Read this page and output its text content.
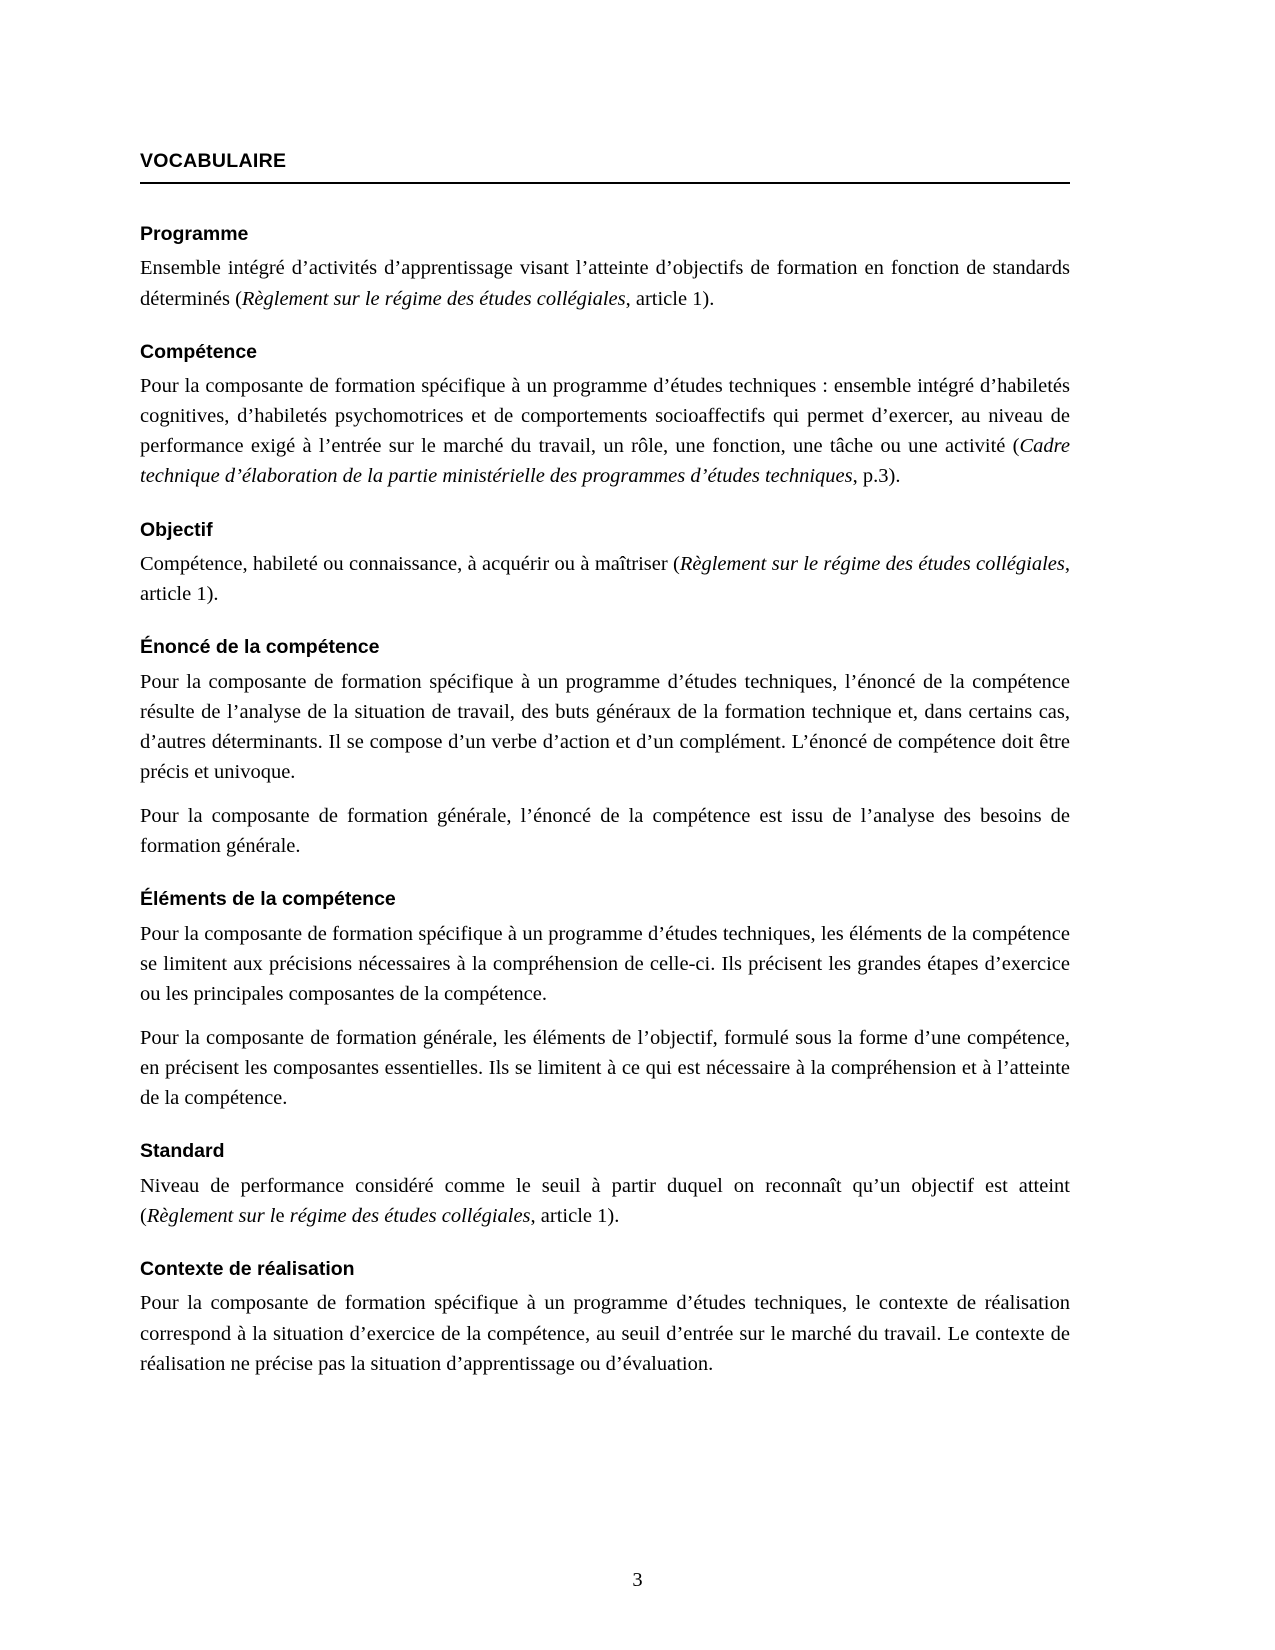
VOCABULAIRE
Programme

Ensemble intégré d’activités d’apprentissage visant l’atteinte d’objectifs de formation en fonction de standards déterminés (Règlement sur le régime des études collégiales, article 1).

Compétence

Pour la composante de formation spécifique à un programme d’études techniques : ensemble intégré d’habiletés cognitives, d’habiletés psychomotrices et de comportements socioaffectifs qui permet d’exercer, au niveau de performance exigé à l’entrée sur le marché du travail, un rôle, une fonction, une tâche ou une activité (Cadre technique d’élaboration de la partie ministérielle des programmes d’études techniques, p.3).

Objectif

Compétence, habileté ou connaissance, à acquérir ou à maîtriser (Règlement sur le régime des études collégiales, article 1).

Énoncé de la compétence

Pour la composante de formation spécifique à un programme d’études techniques, l’énoncé de la compétence résulte de l’analyse de la situation de travail, des buts généraux de la formation technique et, dans certains cas, d’autres déterminants. Il se compose d’un verbe d’action et d’un complément. L’énoncé de compétence doit être précis et univoque.

Pour la composante de formation générale, l’énoncé de la compétence est issu de l’analyse des besoins de formation générale.

Éléments de la compétence

Pour la composante de formation spécifique à un programme d’études techniques, les éléments de la compétence se limitent aux précisions nécessaires à la compréhension de celle-ci. Ils précisent les grandes étapes d’exercice ou les principales composantes de la compétence.

Pour la composante de formation générale, les éléments de l’objectif, formulé sous la forme d’une compétence, en précisent les composantes essentielles. Ils se limitent à ce qui est nécessaire à la compréhension et à l’atteinte de la compétence.

Standard

Niveau de performance considéré comme le seuil à partir duquel on reconnaît qu’un objectif est atteint (Règlement sur le régime des études collégiales, article 1).

Contexte de réalisation

Pour la composante de formation spécifique à un programme d’études techniques, le contexte de réalisation correspond à la situation d’exercice de la compétence, au seuil d’entrée sur le marché du travail. Le contexte de réalisation ne précise pas la situation d’apprentissage ou d’évaluation.

3
